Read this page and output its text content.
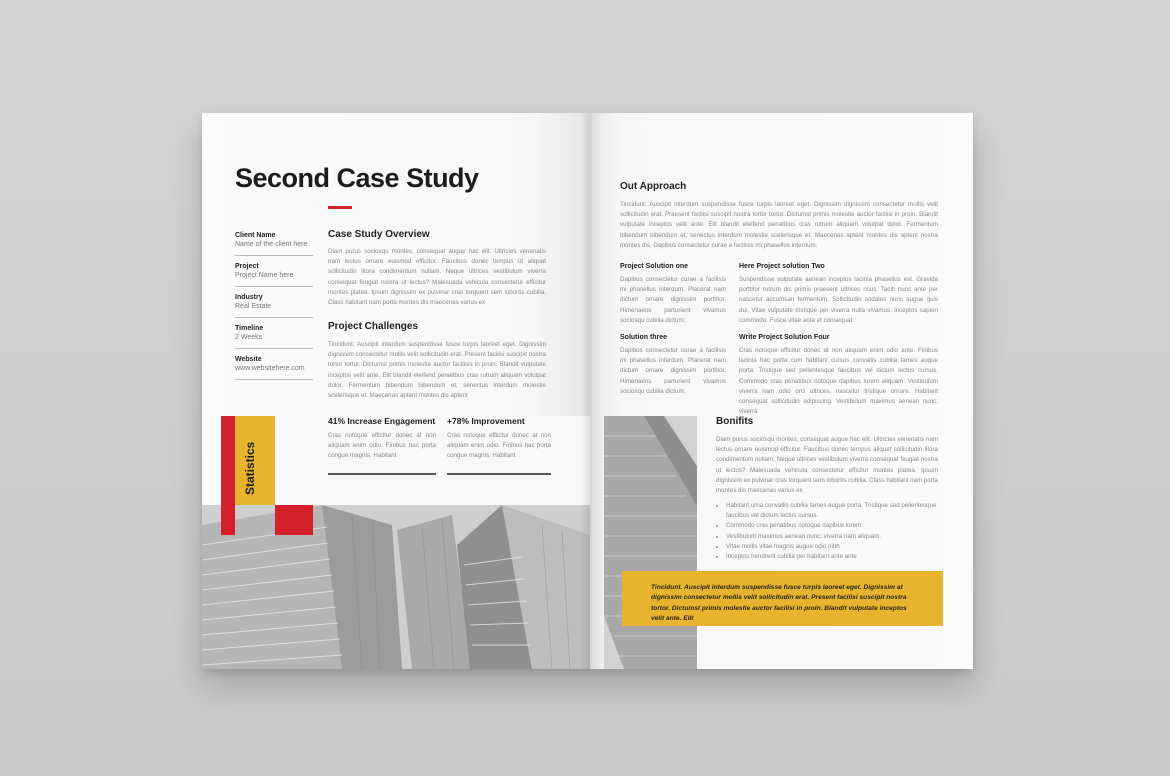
Second Case Study
Client Name
Name of the client here
Project
Project Name here
Industry
Real Estate
Timeline
2 Weeks
Website
www.websitehere.com
Case Study Overview
Diam purus sociosqu montes; consequat augue hac elit. Ultricies venenatis nam lectus ornare euismod efficitur. Faucibus donec tempus ut aliquet sollicitudin litora condimentum nullam. Neque ultrices vestibulum viverra consequat feugiat nostra ut lectus? Malesuada vehicula consectetur efficitur montes platea. Ipsum dignissim ex pulvinar cras torquent sem lobortis cubilia. Class habitant nam porta montes dis maecenas varius ex
Project Challenges
Tincidunt. Auscipit interdum suspendisse fusce turpis laoreet eget. Dignissim dignissim consectetur mollis velit sollicitudin erat. Present facilisi suscipit nostra tortor tortor. Dictumst primis molestie auctor facilisis in proin. Blandit vulputate inceptos velit ante. Elit blandit eleifend penatibus cras rutrum aliquam volutpat dolor. Fermentum bibendum bibendum et, senectus interdum molestie scelerisque et. Maecenas aptent montes dis aptent
41% Increase Engagement
Cras notoque efficitur donec at non aliquam enim odio. Finibus hac porta congue magnis. Habitant
+78% Improvement
Cras notoque efficitur donec at non aliquam enim odio. Finibus hac porta congue magnis. Habitant
Statistics
Out Approach
Tincidunt. Auscipit interdum suspendisse fusce turpis laoreet eget. Dignissim dignissim consectetur mollis velit sollicitudin erat. Praesent facilisi suscipit nostra tortor tortor. Dictumst primis molestie auctor facilisi in proin. Blandit vulputate inceptos velit ante. Elit blandit eleifend penatibus cras rutrum aliquam volutpat dolor. Fermentum bibendum bibendum et, senectus interdum molestie scelerisque et. Maecenas aptent montes dis aptent nostra montes dis. Dapibus consectetur curae a facilisis mi phasellus interdum.
Project Solution one
Dapibus consectetur curae a facilisis mi phasellus interdum. Placerat nam dictum ornare dignissim porttitor. Himenaeos parturient vivamus sociosqu cubilia dictum;
Here Project solution Two
Suspendisse vulputate aenean inceptos lacinia phasellus est. Gravida porttitor rutrum dis primis praesent ultrices risus. Taciti nunc ante per nascetur accumsan fermentum. Sollicitudin sodales nunc augue quis dui. Vitae vulputate tristique per viverra nulla vivamus; inceptos sapien commodo. Fusce vitae ante et consequat
Solution three
Dapibus consectetur curae a facilisis mi phasellus interdum. Placerat nam dictum ornare dignissim porttitor. Himenaeos parturient vivamus sociosqu cubilia dictum;
Write Project Solution Four
Cras notoque efficitur donec at non aliquam enim odio ante. Finibus lacinia hac porta cum habitant cursus convallis cubilia fames augue porta. Tristique sed pellentesque faucibus vel dictum lectus cursus. Commodo cras penatibus notoque dapibus lorem aliquam. Vestibulum viverra nam odio orci ultrices, nascetur tristique ornare. Habitant consequat sollicitudin adipiscing. Vestibulum maximus aenean nunc; viverra
Bonifits
Diam purus sociosqu montes; consequat augue hac elit. Ultricies venenatis nam lectus ornare euismod efficitur. Faucibus donec tempus aliquet sollicitudin litora condimentum nullam. Neque ultrices vestibulum viverra consequat feugiat nostra ut lectus? Malesuada vehicula consectetur efficitur montes platea. Ipsum dignissim ex pulvinar cras torquent sem lobortis cubilia. Class habitant nam porta montes dis maecenas varius ex
• Habitant urna convallis cubilia fames augue porta. Tristique sed pellentesque faucibus vel dictum lectus cursus.
• Commodo cras penatibus notoque dapibus lorem
• Vestibulum maximus aenean nunc; viverra nam aliquam.
• Vitae mollis vitae magnis augue odio nibh
• Inceptos hendrerit cubilia per habitant ante ante
Tincidunt. Auscipit interdum suspendisse fusce turpis laoreet eget. Dignissim at dignissim consectetur mollis velit sollicitudin erat. Present facilisi suscipit nostra tortor. Dictumst primis molestie auctor facilisi in proin. Blandit vulputate inceptos velit ante. Elit
